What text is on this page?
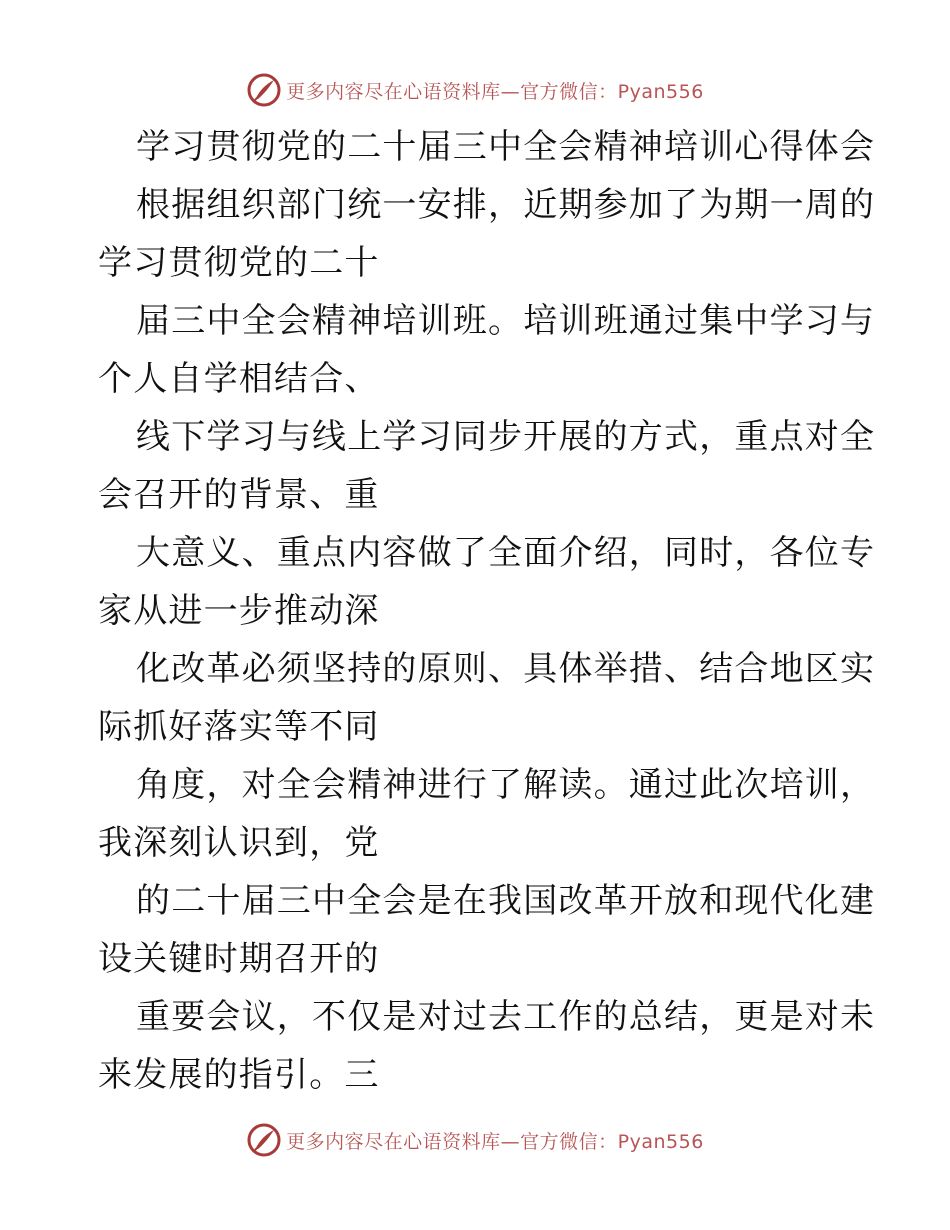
更多内容尽在心语资料库—官方微信：Pyan556
学习贯彻党的二十届三中全会精神培训心得体会
根据组织部门统一安排，近期参加了为期一周的
学习贯彻党的二十
届三中全会精神培训班。培训班通过集中学习与
个人自学相结合、
线下学习与线上学习同步开展的方式，重点对全
会召开的背景、重
大意义、重点内容做了全面介绍，同时，各位专
家从进一步推动深
化改革必须坚持的原则、具体举措、结合地区实
际抓好落实等不同
角度，对全会精神进行了解读。通过此次培训，
我深刻认识到，党
的二十届三中全会是在我国改革开放和现代化建
设关键时期召开的
重要会议，不仅是对过去工作的总结，更是对未
来发展的指引。三
更多内容尽在心语资料库—官方微信：Pyan556
